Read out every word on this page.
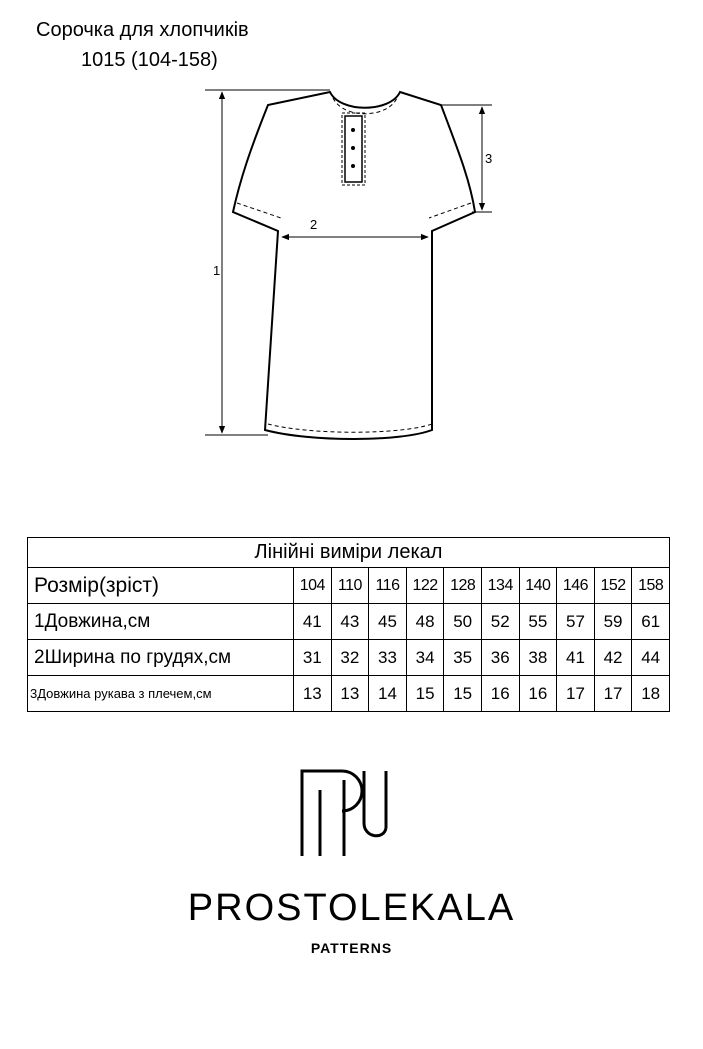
Сорочка для хлопчиків
1015 (104-158)
1
2
3
Лінійні виміри лекал										
Розмір(зріст)	104	110	116	122	128	134	140	146	152	158
1Довжина,см	41	43	45	48	50	52	55	57	59	61
2Ширина по грудях,см	31	32	33	34	35	36	38	41	42	44
3Довжина рукава з плечем,см	13	13	14	15	15	16	16	17	17	18
PROSTOLEKALA
PATTERNS
